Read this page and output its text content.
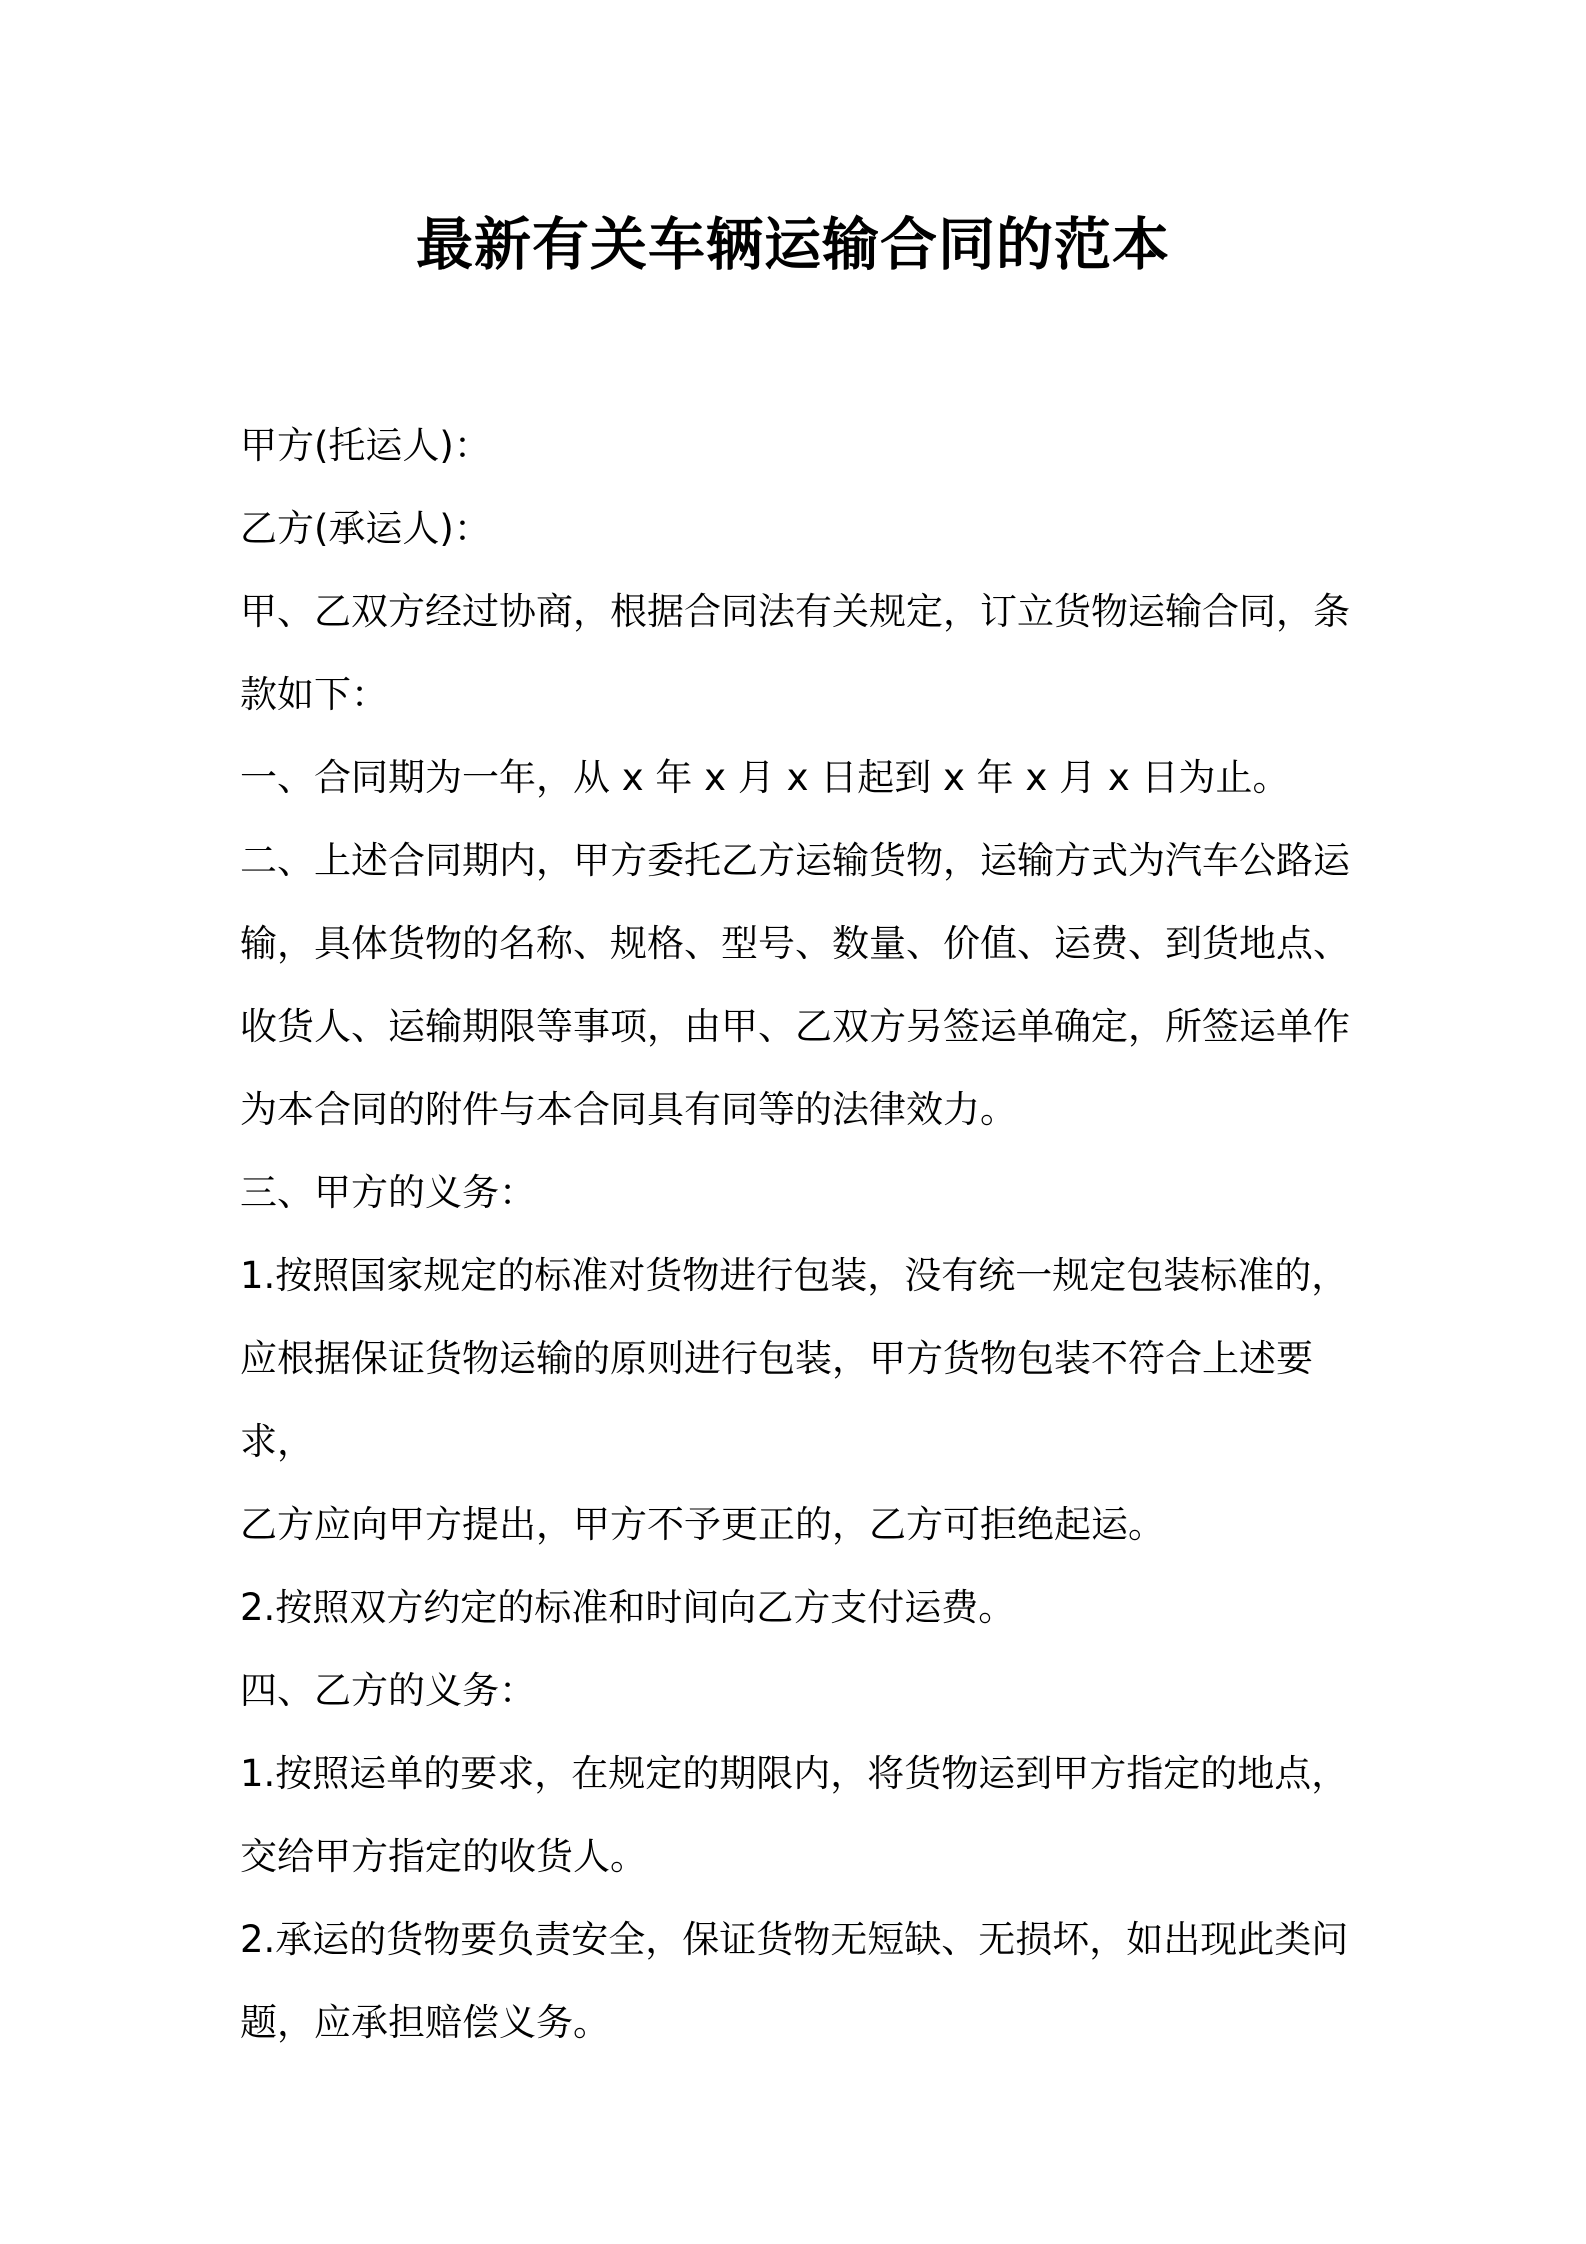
最新有关车辆运输合同的范本

甲方(托运人)：

乙方(承运人)：

甲、乙双方经过协商，根据合同法有关规定，订立货物运输合同，条

款如下：

一、合同期为一年，从 x 年 x 月 x 日起到 x 年 x 月 x 日为止。

二、上述合同期内，甲方委托乙方运输货物，运输方式为汽车公路运

输，具体货物的名称、规格、型号、数量、价值、运费、到货地点、

收货人、运输期限等事项，由甲、乙双方另签运单确定，所签运单作

为本合同的附件与本合同具有同等的法律效力。

三、甲方的义务：

1.按照国家规定的标准对货物进行包装，没有统一规定包装标准的，

应根据保证货物运输的原则进行包装，甲方货物包装不符合上述要求，

乙方应向甲方提出，甲方不予更正的，乙方可拒绝起运。

2.按照双方约定的标准和时间向乙方支付运费。

四、乙方的义务：

1.按照运单的要求，在规定的期限内，将货物运到甲方指定的地点，

交给甲方指定的收货人。

2.承运的货物要负责安全，保证货物无短缺、无损坏，如出现此类问

题，应承担赔偿义务。
